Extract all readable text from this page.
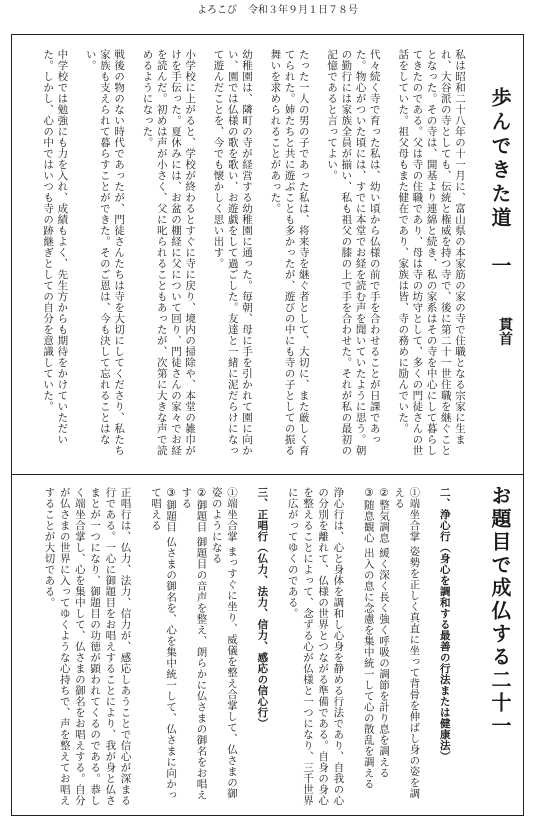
よろこび 令和３年９月１日７８号
歩んできた道　一
貫首
私は昭和二十八年の十一月に、富山県の本家筋の家の寺で住職となる宗家に生まれ、大谷派の寺としても、伝統と権威を持つ寺で、後に第二十一世住職を継ぐこととなった。その寺は、開基より連綿と続き、私の家系はその寺を中心にして暮らしてきたのである。父は寺の住職であり、母は寺の坊守として、多くの門徒さんの世話をしていた。祖父母もまた健在であり、家族は皆、寺の務めに励んでいた。

代々続く寺で育った私は、幼い頃から仏様の前で手を合わせることが日課であった。物心がついた頃には、すでに本堂でお経を読む声を聞いていたように思う。朝の勤行には家族全員が揃い、私も祖父の膝の上で手を合わせた。それが私の最初の記憶であると言ってよい。

たった一人の男の子であった私は、将来寺を継ぐ者として、大切に、また厳しく育てられた。姉たちと共に遊ぶことも多かったが、遊びの中にも寺の子としての振る舞いを求められることがあった。

幼稚園は、隣町の寺が経営する幼稚園に通った。毎朝、母に手を引かれて園に向かい、園では仏様の歌を歌い、お遊戯をして過ごした。友達と一緒に泥だらけになって遊んだことを、今でも懐かしく思い出す。

小学校に上がると、学校が終わるとすぐに寺に戻り、境内の掃除や、本堂の雑巾がけを手伝った。夏休みには、お盆の棚経に父について回り、門徒さんの家々でお経を読んだ。初めは声が小さく、父に叱られることもあったが、次第に大きな声で読めるようになった。

戦後の物のない時代であったが、門徒さんたちは寺を大切にしてくださり、私たち家族も支えられて暮らすことができた。そのご恩は、今も決して忘れることはない。

中学校では勉強にも力を入れ、成績もよく、先生方からも期待をかけていただいた。しかし、心の中ではいつも寺の跡継ぎとしての自分を意識していた。
お題目で成仏する二十一

二、浄心行（身心を調和する最善の行法または健康法）

①端坐合掌 姿勢を正しく真直に坐って背骨を伸ばし身の姿を調える
②整気調息 緩く深く長く強く呼吸の調節を計り息を調える
③随息観心 出入の息に念慮を集中統一して心の散乱を調える

浄心行は、心と身体を調和し心身を静める行法であり、自我の心の分別を離れて、仏様の世界とつながる準備である。自身の身心を整えることによって、念ずる心が仏様と一つになり、三千世界に広がってゆくのである。

三、正唱行（仏力、法力、信力、感応の信心行）

①端坐合掌 まっすぐに坐り、威儀を整え合掌して、仏さまの御姿のようになる
②御題目 御題目の音声を整え、朗らかに仏さまの御名をお唱えする
③御題目 仏さまの御名を、心を集中統一して、仏さまに向かって唱える

正唱行は、仏力、法力、信力が、感応しあうことで信心が深まる行である。一心に御題目をお唱えすることにより、我が身と仏さまとが一つになり、御題目の功徳が顕われてくるのである。恭しく端坐合掌し、心を集中して、仏さまの御名をお唱えする。自分が仏さまの世界に入ってゆくような心持ちで、声を整えてお唱えすることが大切である。
